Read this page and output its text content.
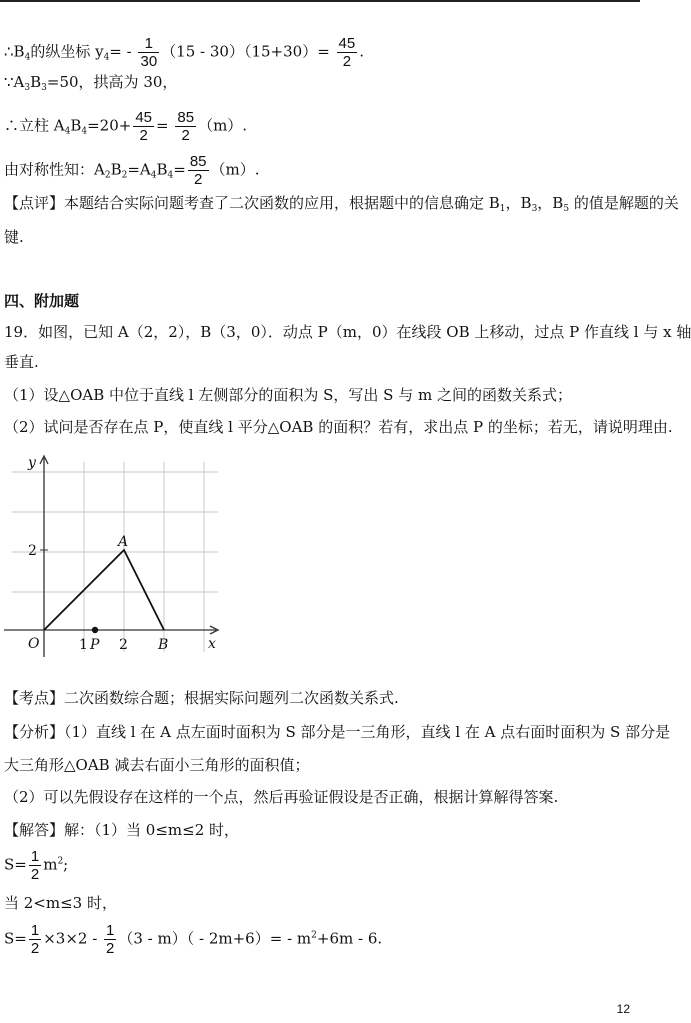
$\therefore B_4$的纵坐标 $y_4= - \frac{1}{30} (15 - 30)(15+30)= \frac{45}{2}$ .
$\because A_3B_3=50$，拱高为 30，
∴立柱 $A_4B_4=20+ \frac{45}{2} = \frac{85}{2} (m)$.
由对称性知：$A_2B_2=A_4B_4= \frac{85}{2} (m)$.
【点评】本题结合实际问题考查了二次函数的应用，根据题中的信息确定 $B_1$，$B_3$，$B_5$ 的值是解题的关
键.
四、附加题
19．如图，已知 A（2，2），B（3，0）．动点 P（m，0）在线段 OB 上移动，过点 P 作直线 l 与 x 轴
垂直.
（1）设△OAB 中位于直线 l 左侧部分的面积为 S，写出 S 与 m 之间的函数关系式；
（2）试问是否存在点 P，使直线 l 平分△OAB 的面积？若有，求出点 P 的坐标；若无，请说明理由.
y
x
O
2
1 2
A
B
P
【考点】二次函数综合题；根据实际问题列二次函数关系式.
【分析】（1）直线 l 在 A 点左面时面积为 S 部分是一三角形，直线 l 在 A 点右面时面积为 S 部分是
大三角形△OAB 减去右面小三角形的面积值；
（2）可以先假设存在这样的一个点，然后再验证假设是否正确，根据计算解得答案.
【解答】解：（1）当 0≤m≤2 时，
$S= \frac{1}{2} m^2$;
当 2<m≤3 时，
$S= \frac{1}{2} \times 3\times 2 - \frac{1}{2} (3 - m)( - 2m+6)= - m^2+6m - 6$.
12
